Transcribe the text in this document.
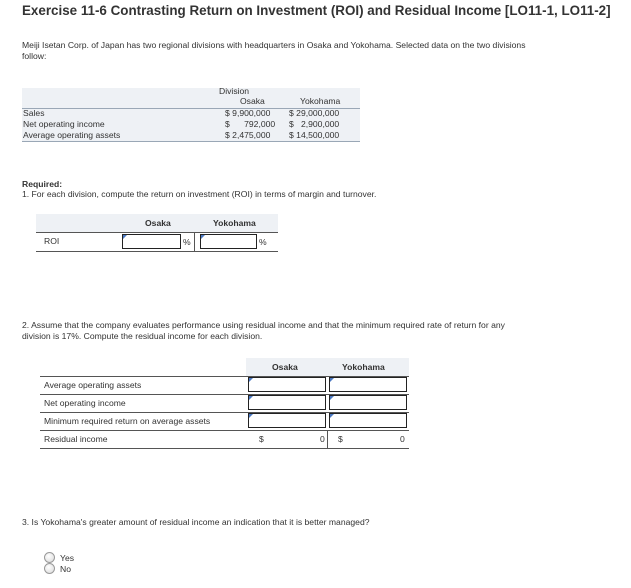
Exercise 11-6 Contrasting Return on Investment (ROI) and Residual Income [LO11-1, LO11-2]
Meiji Isetan Corp. of Japan has two regional divisions with headquarters in Osaka and Yokohama. Selected data on the two divisions follow:
Division
Osaka	Yokohama
Sales	$ 9,900,000 $ 29,000,000
Net operating income	$      792,000 $   2,900,000
Average operating assets	$ 2,475,000 $ 14,500,000
Required:
1. For each division, compute the return on investment (ROI) in terms of margin and turnover.
Osaka	Yokohama
ROI	%	%
2. Assume that the company evaluates performance using residual income and that the minimum required rate of return for any division is 17%. Compute the residual income for each division.
Osaka	Yokohama
Average operating assets
Net operating income
Minimum required return on average assets
Residual income	$	0 $	0
3. Is Yokohama's greater amount of residual income an indication that it is better managed?
Yes
No
